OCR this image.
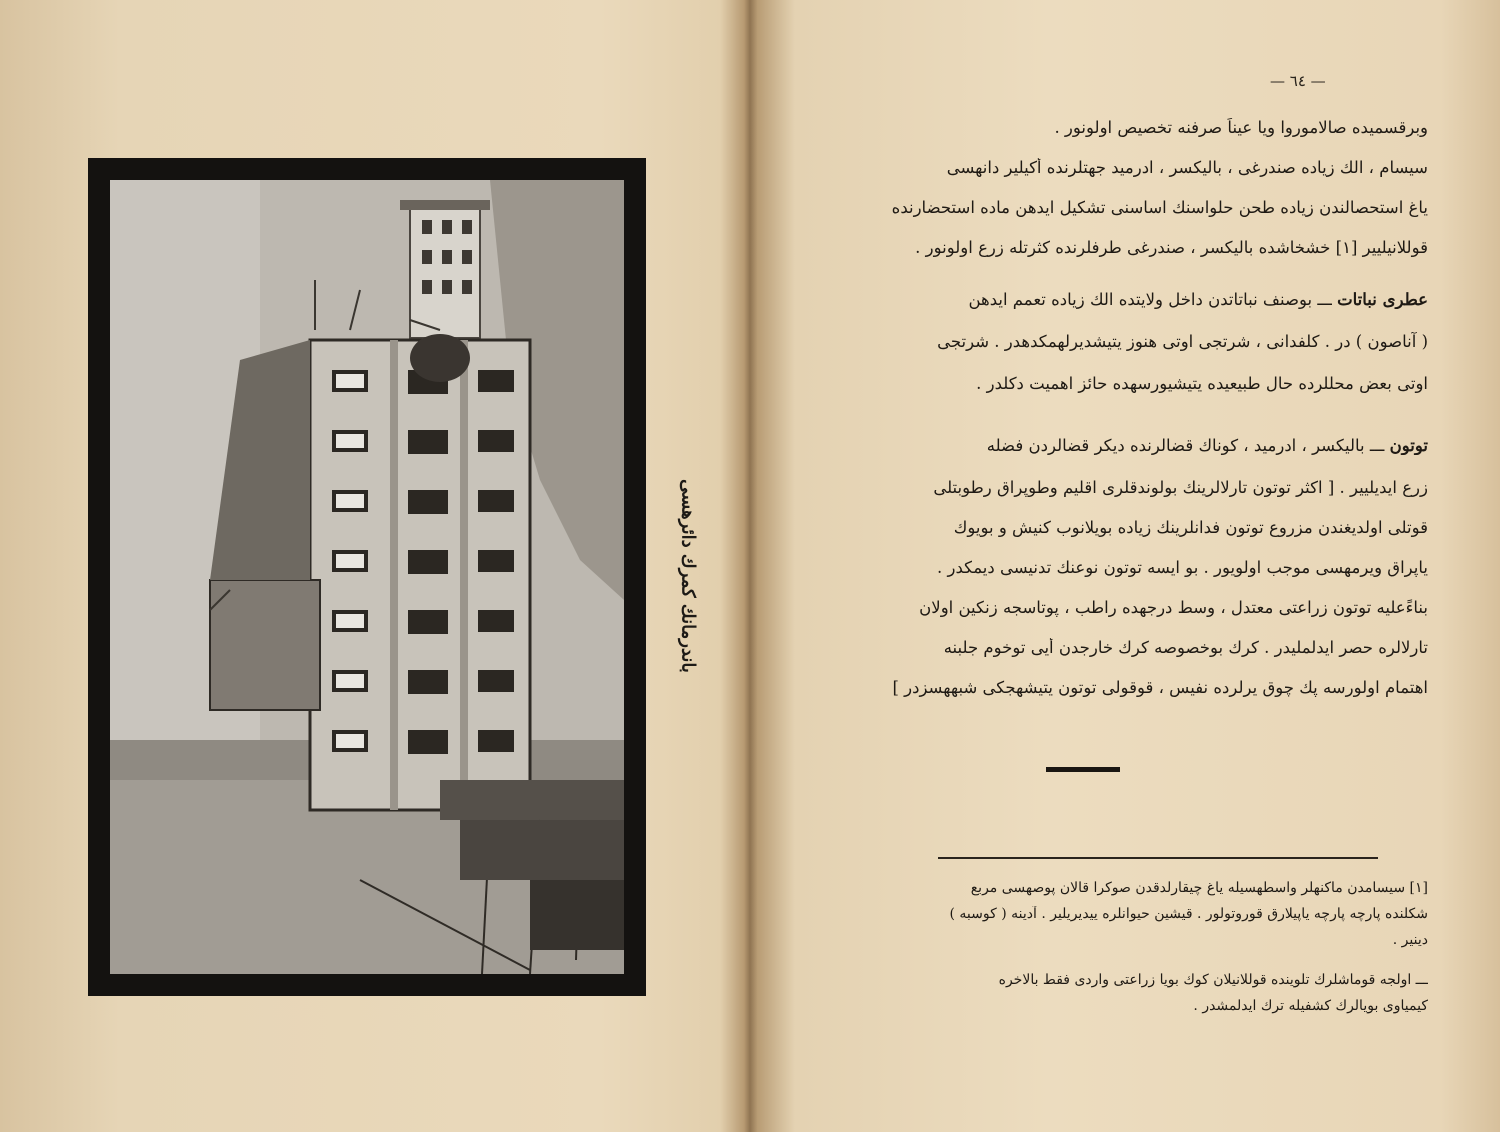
باندرمانك كمرك دائرهسی
— ٦٤ —
وبرقسمیده صالاموروا ويا عيناً صرفنه تخصيص اولونور .
سيسام ، الك زياده صندرغى ، باليكسر ، ادرميد جهتلرنده أكيلير دانهسى
ياغ استحصالندن زياده طحن حلواسنك اساسنى تشكيل ايدهن ماده استحضارنده
قوللانيليير [١] خشخاشده باليكسر ، صندرغى طرفلرنده كثرتله زرع اولونور .
عطرى نباتات ـــ بوصنف نباتاتدن داخل ولايتده الك زياده تعمم ايدهن
( آناصون ) در . كلفدانى ، شرتجى اوتى هنوز يتيشديرلهمكدهدر . شرتجى
اوتى بعض محللرده حال طبيعيده يتيشيورسهده حائز اهميت دكلدر .
توتون ـــ باليكسر ، ادرميد ، كوناك قضالرنده ديكر قضالردن فضله
زرع ايديليير . [ اكثر توتون تارلالرينك بولوندقلرى اقليم وطوپراق رطوبتلى
قوتلى اولديغندن مزروع توتون فدانلرينك زياده بويلانوب كنيش و بويوك
ياپراق ويرمهسى موجب اولويور . بو ايسه توتون نوعنك تدنيسى ديمكدر .
بناءًعليه توتون زراعتى معتدل ، وسط درجهده راطب ، پوتاسجه زنكين اولان
تارلالره حصر ايدلمليدر . كرك بوخصوصه كرك خارجدن أيى توخوم جلبنه
اهتمام اولورسه پك چوق يرلرده نفيس ، قوقولى توتون يتيشهجكى شبههسزدر ]
[١] سيسامدن ماكنهلر واسطهسيله ياغ چيقارلدقدن صوكرا قالان پوصهسى مربع
شكلنده پارچه پارچه ياپيلارق قوروتولور . قيشين حيوانلره ييديريلير . آدينه ( كوسبه )
دينير .
ـــ اولجه قوماشلرك تلوينده قوللانيلان كوك بويا زراعتى واردى فقط بالاخره
كيمياوى بويالرك كشفيله ترك ايدلمشدر .
